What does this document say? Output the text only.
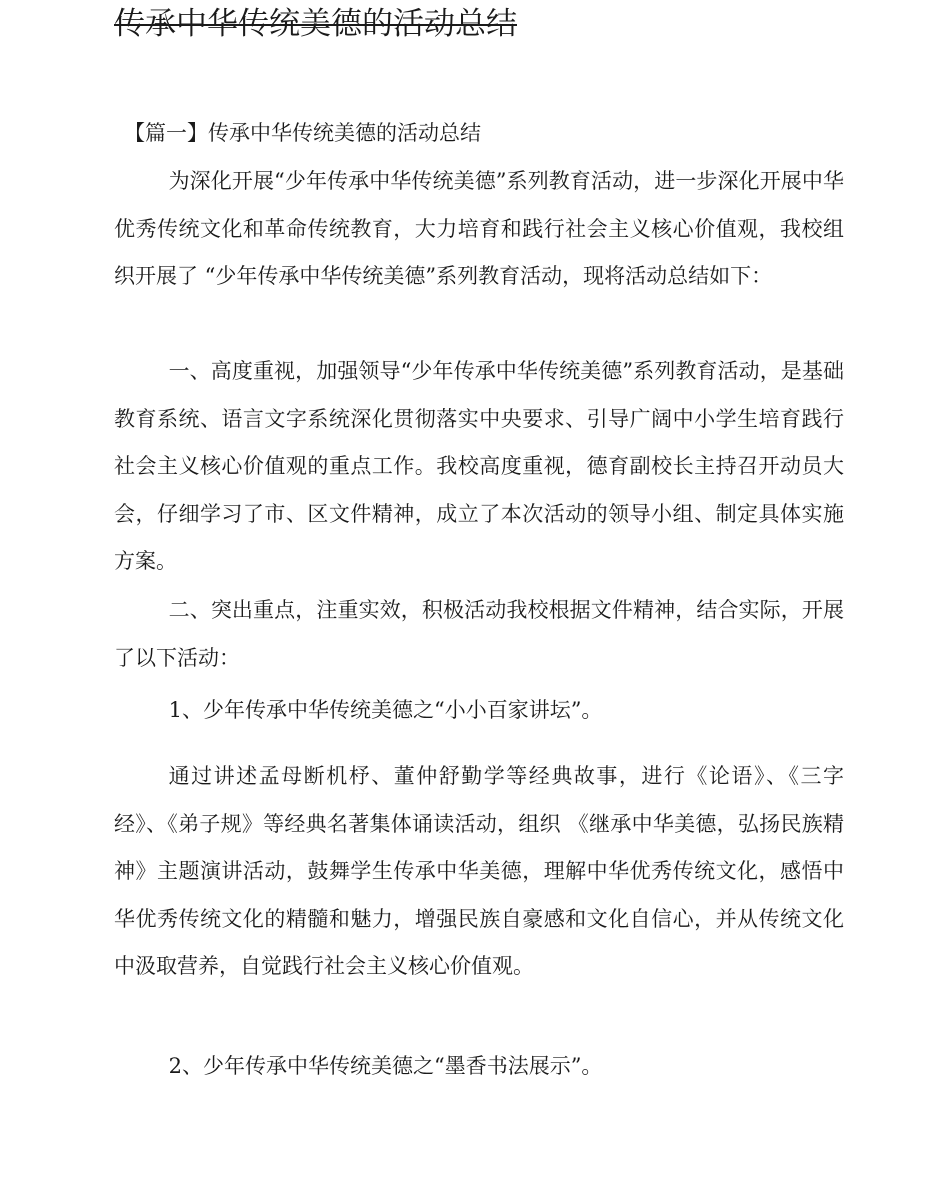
传承中华传统美德的活动总结

【篇一】传承中华传统美德的活动总结

为深化开展“少年传承中华传统美德”系列教育活动，进一步深化开展中华优秀传统文化和革命传统教育，大力培育和践行社会主义核心价值观，我校组织开展了 “少年传承中华传统美德”系列教育活动，现将活动总结如下：

一、高度重视，加强领导“少年传承中华传统美德”系列教育活动，是基础教育系统、语言文字系统深化贯彻落实中央要求、引导广阔中小学生培育践行社会主义核心价值观的重点工作。我校高度重视，德育副校长主持召开动员大会，仔细学习了市、区文件精神，成立了本次活动的领导小组、制定具体实施方案。

二、突出重点，注重实效，积极活动我校根据文件精神，结合实际，开展了以下活动：

1、少年传承中华传统美德之“小小百家讲坛”。

通过讲述孟母断机杼、董仲舒勤学等经典故事，进行《论语》、《三字经》、《弟子规》等经典名著集体诵读活动，组织 《继承中华美德，弘扬民族精神》主题演讲活动，鼓舞学生传承中华美德，理解中华优秀传统文化，感悟中华优秀传统文化的精髓和魅力，增强民族自豪感和文化自信心，并从传统文化中汲取营养，自觉践行社会主义核心价值观。

2、少年传承中华传统美德之“墨香书法展示”。
